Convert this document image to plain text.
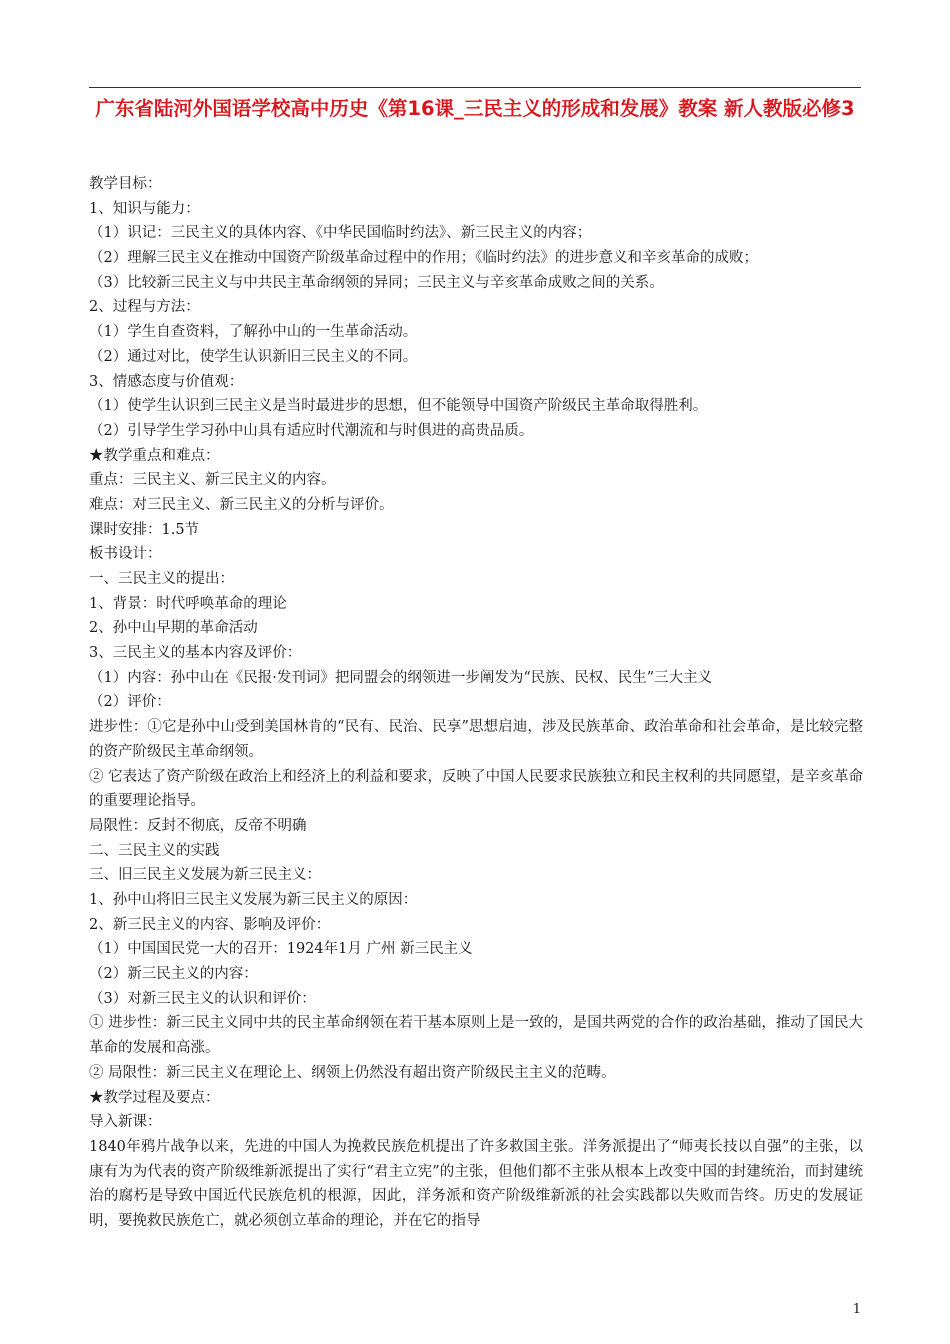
广东省陆河外国语学校高中历史《第16课_三民主义的形成和发展》教案 新人教版必修3
教学目标：
1、知识与能力：
（1）识记：三民主义的具体内容、《中华民国临时约法》、新三民主义的内容；
（2）理解三民主义在推动中国资产阶级革命过程中的作用；《临时约法》的进步意义和辛亥革命的成败；
（3）比较新三民主义与中共民主革命纲领的异同；三民主义与辛亥革命成败之间的关系。
2、过程与方法：
（1）学生自查资料，了解孙中山的一生革命活动。
（2）通过对比，使学生认识新旧三民主义的不同。
3、情感态度与价值观：
（1）使学生认识到三民主义是当时最进步的思想，但不能领导中国资产阶级民主革命取得胜利。
（2）引导学生学习孙中山具有适应时代潮流和与时俱进的高贵品质。
★教学重点和难点：
重点：三民主义、新三民主义的内容。
难点：对三民主义、新三民主义的分析与评价。
课时安排：1.5节
板书设计：
一、三民主义的提出：
1、背景：时代呼唤革命的理论
2、孙中山早期的革命活动
3、三民主义的基本内容及评价：
（1）内容：孙中山在《民报·发刊词》把同盟会的纲领进一步阐发为“民族、民权、民生”三大主义
（2）评价：
进步性：①它是孙中山受到美国林肯的“民有、民治、民享”思想启迪，涉及民族革命、政治革命和社会革命，是比较完整的资产阶级民主革命纲领。
② 它表达了资产阶级在政治上和经济上的利益和要求，反映了中国人民要求民族独立和民主权利的共同愿望，是辛亥革命的重要理论指导。
局限性：反封不彻底，反帝不明确
二、三民主义的实践
三、旧三民主义发展为新三民主义：
1、孙中山将旧三民主义发展为新三民主义的原因：
2、新三民主义的内容、影响及评价：
（1）中国国民党一大的召开：1924年1月 广州 新三民主义
（2）新三民主义的内容：
（3）对新三民主义的认识和评价：
① 进步性：新三民主义同中共的民主革命纲领在若干基本原则上是一致的，是国共两党的合作的政治基础，推动了国民大革命的发展和高涨。
② 局限性：新三民主义在理论上、纲领上仍然没有超出资产阶级民主主义的范畴。
★教学过程及要点：
导入新课：
1840年鸦片战争以来，先进的中国人为挽救民族危机提出了许多救国主张。洋务派提出了“师夷长技以自强”的主张，以康有为为代表的资产阶级维新派提出了实行“君主立宪”的主张，但他们都不主张从根本上改变中国的封建统治，而封建统治的腐朽是导致中国近代民族危机的根源，因此，洋务派和资产阶级维新派的社会实践都以失败而告终。历史的发展证明，要挽救民族危亡，就必须创立革命的理论，并在它的指导
1
